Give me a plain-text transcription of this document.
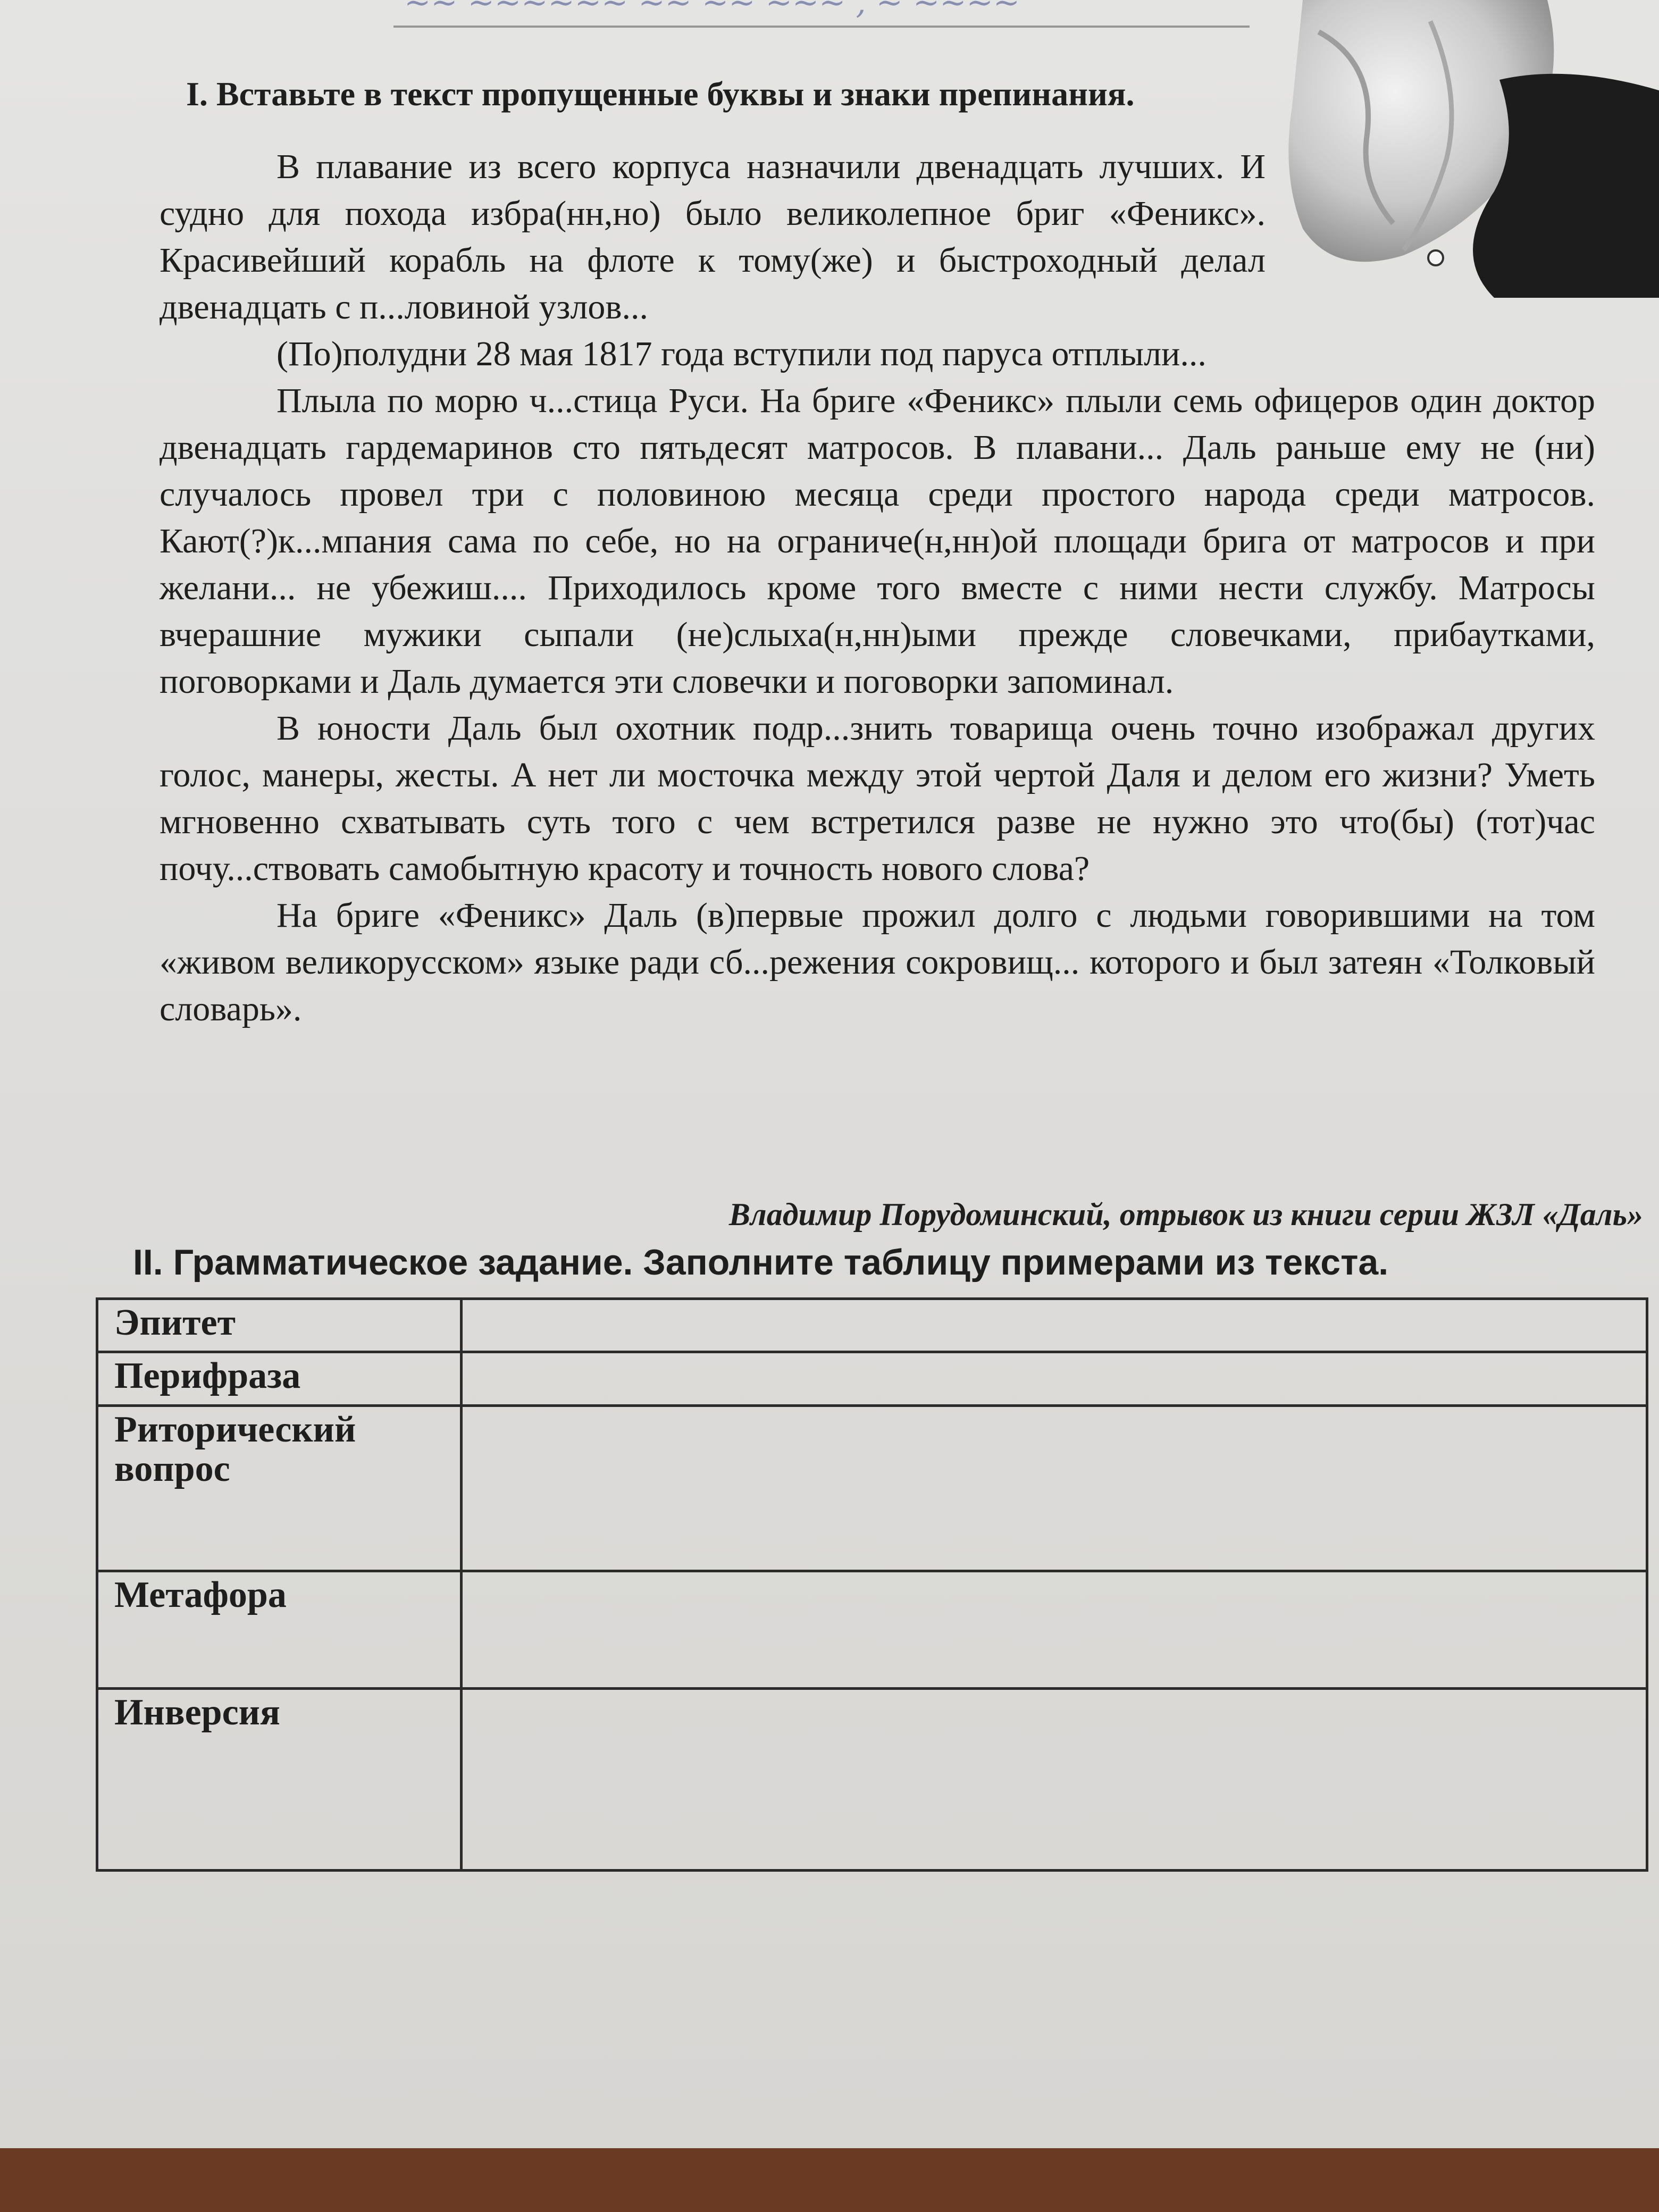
~~ ~~~~~~ ~~ ~~ ~~~ , ~ ~~~~
I. Вставьте в текст пропущенные буквы и знаки препинания.

В плавание из всего корпуса назначили двенадцать лучших. И судно для похода избра(нн,но) было великолепное бриг «Феникс». Красивейший корабль на флоте к тому(же) и быстроходный делал двенадцать с п...ловиной узлов...

(По)полудни 28 мая 1817 года вступили под паруса отплыли...

Плыла по морю ч...стица Руси. На бриге «Феникс» плыли семь офицеров один доктор двенадцать гардемаринов сто пятьдесят матросов. В плавани... Даль раньше ему не (ни) случалось провел три с половиною месяца среди простого народа среди матросов. Кают(?)к...мпания сама по себе, но на ограниче(н,нн)ой площади брига от матросов и при желани... не убежиш.... Приходилось кроме того вместе с ними нести службу. Матросы вчерашние мужики сыпали (не)слыха(н,нн)ыми прежде словечками, прибаутками, поговорками и Даль думается эти словечки и поговорки запоминал.

В юности Даль был охотник подр...знить товарища очень точно изображал других голос, манеры, жесты. А нет ли мосточка между этой чертой Даля и делом его жизни? Уметь мгновенно схватывать суть того с чем встретился разве не нужно это что(бы) (тот)час почу...ствовать самобытную красоту и точность нового слова?

На бриге «Феникс» Даль (в)первые прожил долго с людьми говорившими на том «живом великорусском» языке ради сб...режения сокровищ... которого и был затеян «Толковый словарь».

Владимир Порудоминский, отрывок из книги серии ЖЗЛ «Даль»
II. Грамматическое задание. Заполните таблицу примерами из текста.
Эпитет	
Перифраза	
Риторический вопрос	
Метафора	
Инверсия	
